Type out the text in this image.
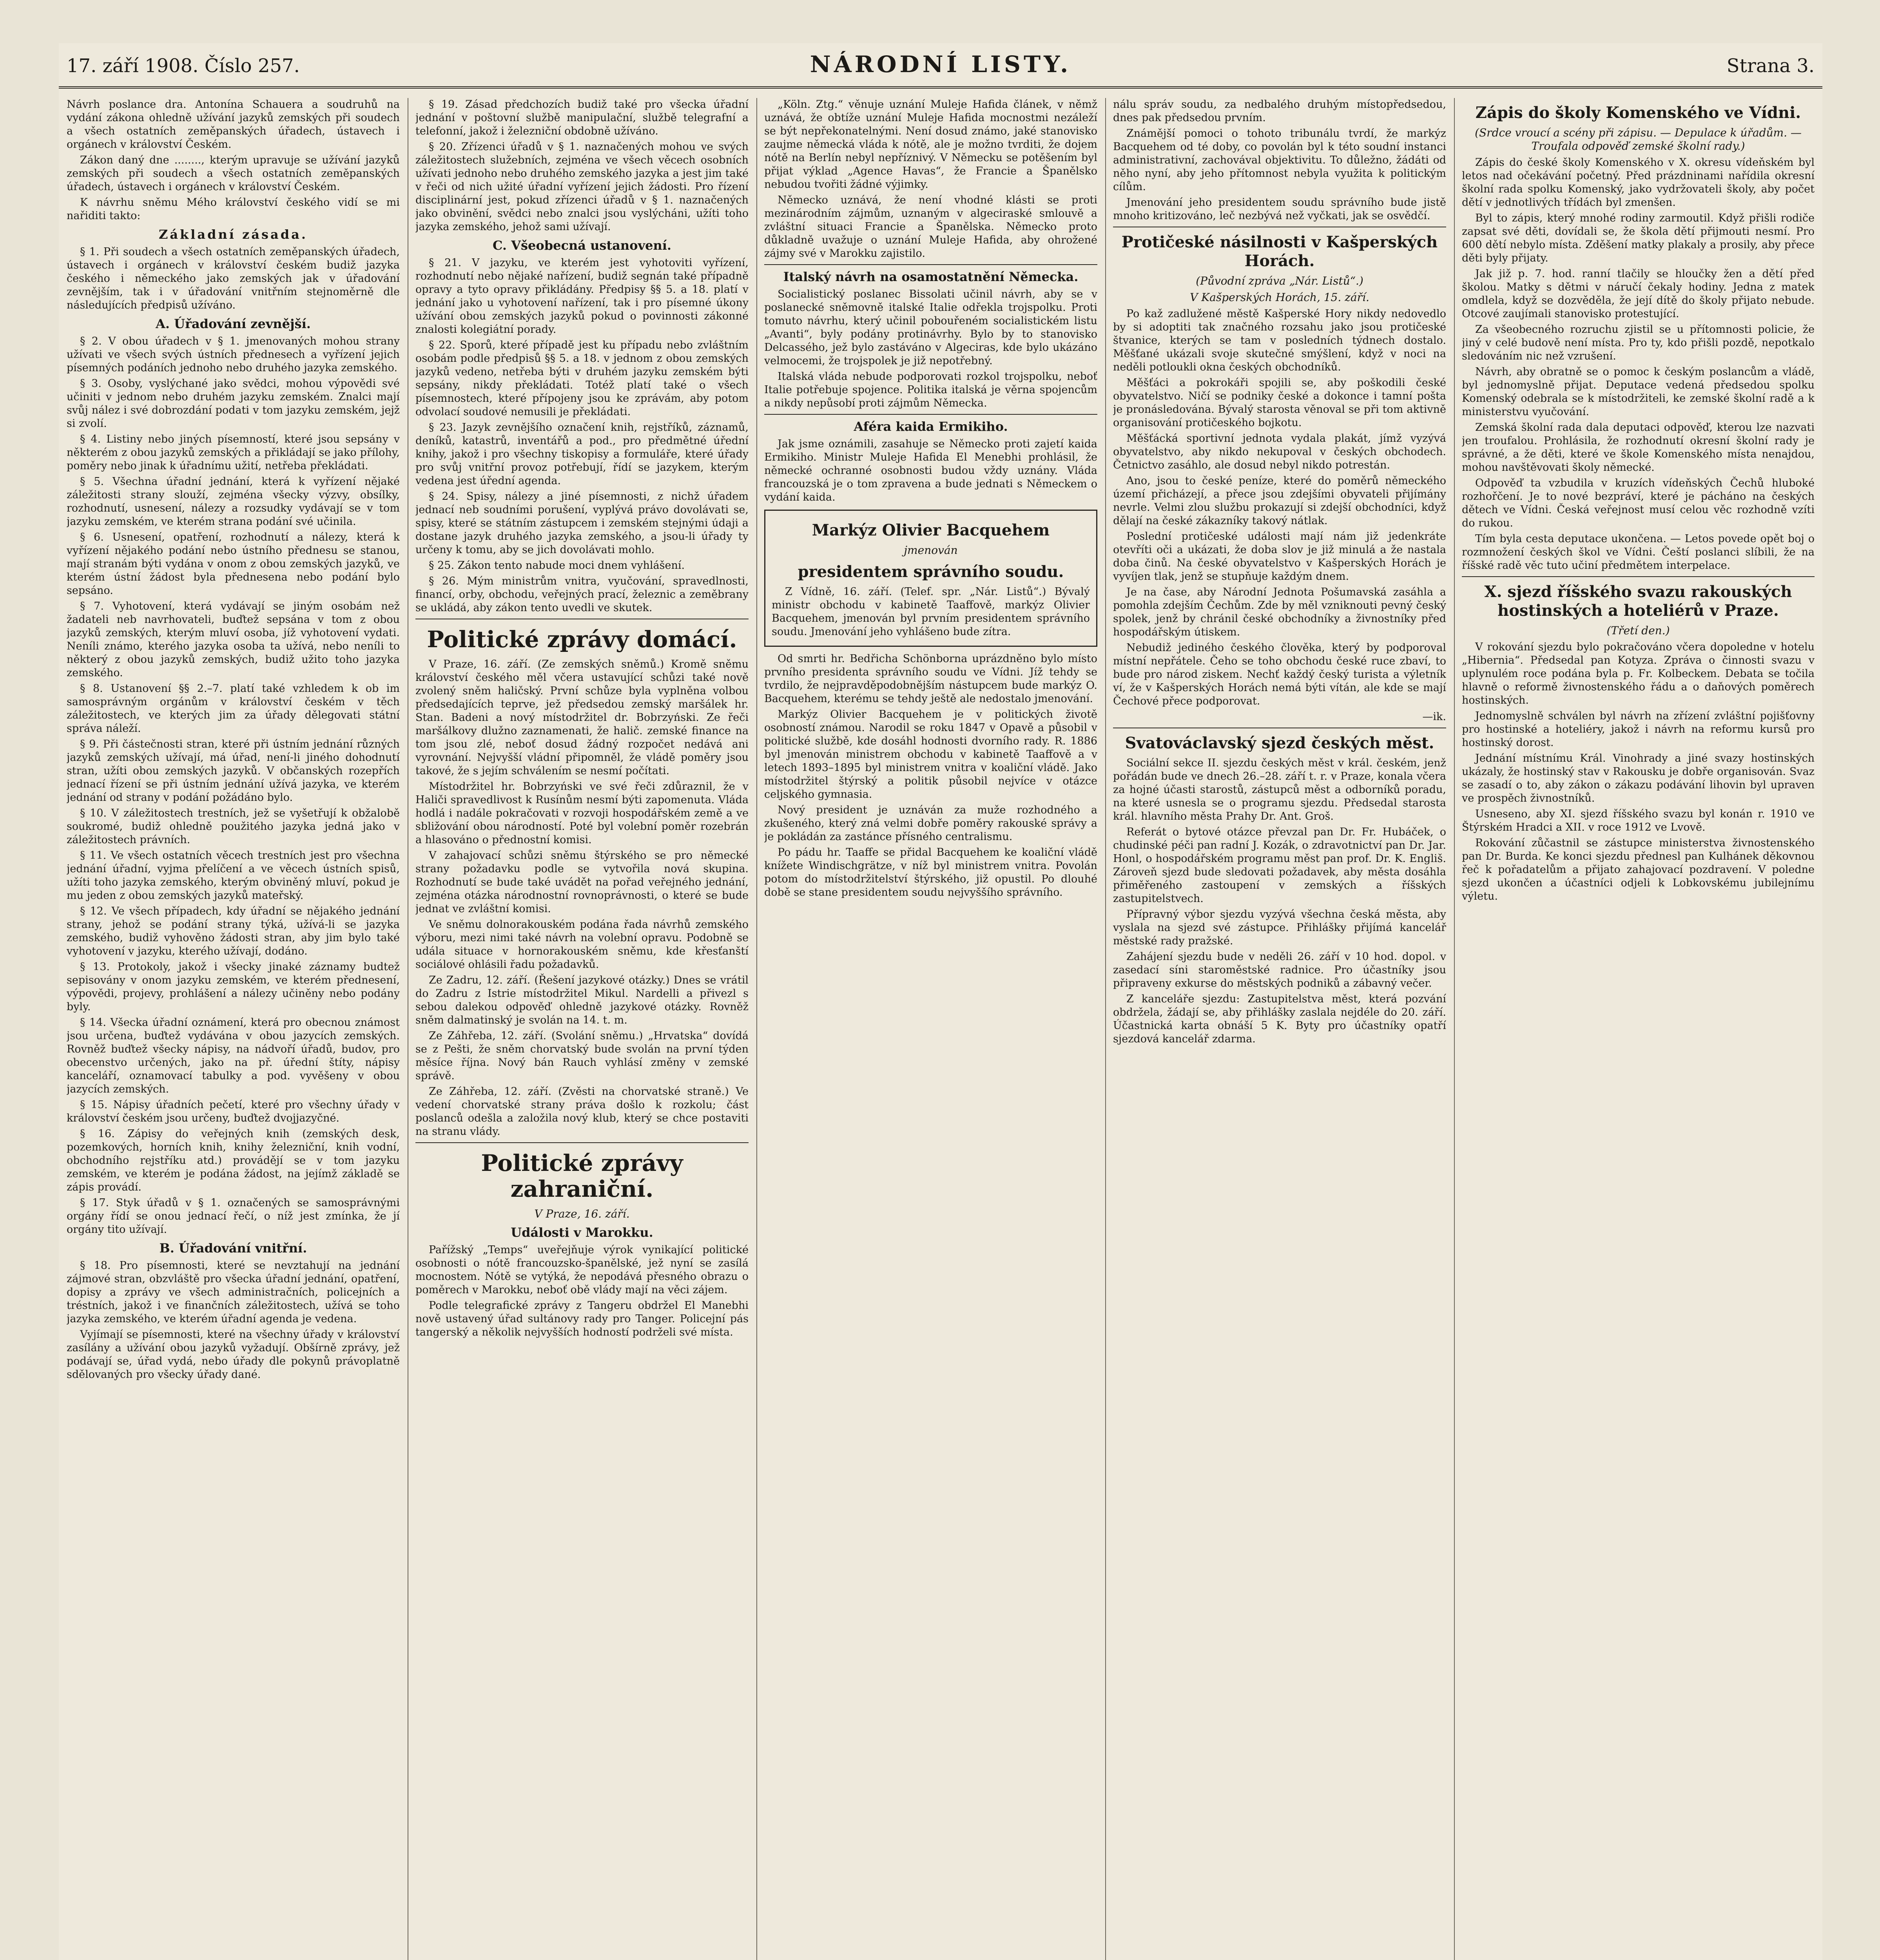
17. září 1908. Číslo 257.	NÁRODNÍ LISTY.	Strana 3.

Návrh poslance dra. Antonína Schauera a soudruhů na vydání zákona ohledně užívání jazyků zemských při soudech a všech ostatních zeměpanských úřadech, ústavech i orgánech v království Českém.

Zákon daný dne ........, kterým upravuje se užívání jazyků zemských při soudech a všech ostatních zeměpanských úřadech, ústavech i orgánech v království Českém.

K návrhu sněmu Mého království českého vidí se mi nařiditi takto:

Základní zásada.

§ 1. Při soudech a všech ostatních zeměpanských úřadech, ústavech i orgánech v království českém budiž jazyka českého i německého jako zemských jak v úřadování zevnějším, tak i v úřadování vnitřním stejnoměrně dle následujících předpisů užíváno.

A. Úřadování zevnější.

§ 2. V obou úřadech v § 1. jmenovaných mohou strany užívati ve všech svých ústních přednesech a vyřízení jejich písemných podáních jednoho nebo druhého jazyka zemského.

§ 3. Osoby, vyslýchané jako svědci, mohou výpovědi své učiniti v jednom nebo druhém jazyku zemském. Znalci mají svůj nález i své dobrozdání podati v tom jazyku zemském, jejž si zvolí.

§ 4. Listiny nebo jiných písemností, které jsou sepsány v některém z obou jazyků zemských a přikládají se jako přílohy, poměry nebo jinak k úřadnímu užití, netřeba překládati.

§ 5. Všechna úřadní jednání, která k vyřízení nějaké záležitosti strany slouží, zejména všecky výzvy, obsílky, rozhodnutí, usnesení, nálezy a rozsudky vydávají se v tom jazyku zemském, ve kterém strana podání své učinila.

§ 6. Usnesení, opatření, rozhodnutí a nálezy, která k vyřízení nějakého podání nebo ústního přednesu se stanou, mají stranám býti vydána v onom z obou zemských jazyků, ve kterém ústní žádost byla přednesena nebo podání bylo sepsáno.

§ 7. Vyhotovení, která vydávají se jiným osobám než žadateli neb navrhovateli, buďtež sepsána v tom z obou jazyků zemských, kterým mluví osoba, jíž vyhotovení vydati. Neníli známo, kterého jazyka osoba ta užívá, nebo neníli to některý z obou jazyků zemských, budiž užito toho jazyka zemského.

§ 8. Ustanovení §§ 2.–7. platí také vzhledem k ob im samosprávným orgánům v království českém v těch záležitostech, ve kterých jim za úřady dělegovati státní správa náleží.

§ 9. Při částečnosti stran, které při ústním jednání různých jazyků zemských užívají, má úřad, není-li jiného dohodnutí stran, užíti obou zemských jazyků. V občanských rozepřích jednací řízení se při ústním jednání užívá jazyka, ve kterém jednání od strany v podání požádáno bylo.

§ 10. V záležitostech trestních, jež se vyšetřují k obžalobě soukromé, budiž ohledně použitého jazyka jedná jako v záležitostech právních.

§ 11. Ve všech ostatních věcech trestních jest pro všechna jednání úřadní, vyjma přelíčení a ve věcech ústních spisů, užíti toho jazyka zemského, kterým obviněný mluví, pokud je mu jeden z obou zemských jazyků mateřský.

§ 12. Ve všech případech, kdy úřadní se nějakého jednání strany, jehož se podání strany týká, užívá-li se jazyka zemského, budiž vyhověno žádosti stran, aby jim bylo také vyhotovení v jazyku, kterého užívají, dodáno.

§ 13. Protokoly, jakož i všecky jinaké záznamy budtež sepisovány v onom jazyku zemském, ve kterém přednesení, výpovědi, projevy, prohlášení a nálezy učiněny nebo podány byly.

§ 14. Všecka úřadní oznámení, která pro obecnou známost jsou určena, buďtež vydávána v obou jazycích zemských. Rovněž buďtež všecky nápisy, na nádvoří úřadů, budov, pro obecenstvo určených, jako na př. úřední štíty, nápisy kanceláří, oznamovací tabulky a pod. vyvěšeny v obou jazycích zemských.

§ 15. Nápisy úřadních pečetí, které pro všechny úřady v království českém jsou určeny, buďtež dvojjazyčné.

§ 16. Zápisy do veřejných knih (zemských desk, pozemkových, horních knih, knihy železniční, knih vodní, obchodního rejstříku atd.) provádějí se v tom jazyku zemském, ve kterém je podána žádost, na jejímž základě se zápis provádí.

§ 17. Styk úřadů v § 1. označených se samosprávnými orgány řídí se onou jednací řečí, o níž jest zmínka, že jí orgány tito užívají.

B. Úřadování vnitřní.

§ 18. Pro písemnosti, které se nevztahují na jednání zájmové stran, obzvláště pro všecka úřadní jednání, opatření, dopisy a zprávy ve všech administračních, policejních a tréstních, jakož i ve finančních záležitostech, užívá se toho jazyka zemského, ve kterém úřadní agenda je vedena.

Vyjímají se písemnosti, které na všechny úřady v království zasílány a užívání obou jazyků vyžadují. Obšírně zprávy, jež podávají se, úřad vydá, nebo úřady dle pokynů právoplatně sdělovaných pro všecky úřady dané.

§ 19. Zásad předchozích budiž také pro všecka úřadní jednání v poštovní službě manipulační, službě telegrafní a telefonní, jakož i železniční obdobně užíváno.

§ 20. Zřízenci úřadů v § 1. naznačených mohou ve svých záležitostech služebních, zejména ve všech věcech osobních užívati jednoho nebo druhého zemského jazyka a jest jim také v řeči od nich užité úřadní vyřízení jejich žádosti. Pro řízení disciplinární jest, pokud zřízenci úřadů v § 1. naznačených jako obvinění, svědci nebo znalci jsou vyslýcháni, užíti toho jazyka zemského, jehož sami užívají.

C. Všeobecná ustanovení.

§ 21. V jazyku, ve kterém jest vyhotoviti vyřízení, rozhodnutí nebo nějaké nařízení, budiž segnán také případně opravy a tyto opravy přikládány. Předpisy §§ 5. a 18. platí v jednání jako u vyhotovení nařízení, tak i pro písemné úkony užívání obou zemských jazyků pokud o povinnosti zákonné znalosti kolegiátní porady.

§ 22. Sporů, které případě jest ku případu nebo zvláštním osobám podle předpisů §§ 5. a 18. v jednom z obou zemských jazyků vedeno, netřeba býti v druhém jazyku zemském býti sepsány, nikdy překládati. Totéž platí také o všech písemnostech, které přípojeny jsou ke zprávám, aby potom odvolací soudové nemusili je překládati.

§ 23. Jazyk zevnějšího označení knih, rejstříků, záznamů, deníků, katastrů, inventářů a pod., pro předmětné úřední knihy, jakož i pro všechny tiskopisy a formuláře, které úřady pro svůj vnitřní provoz potřebují, řídí se jazykem, kterým vedena jest úřední agenda.

§ 24. Spisy, nálezy a jiné písemnosti, z nichž úřadem jednací neb soudními porušení, vyplývá právo dovolávati se, spisy, které se státním zástupcem i zemském stejnými údaji a dostane jazyk druhého jazyka zemského, a jsou-li úřady ty určeny k tomu, aby se jich dovolávati mohlo.

§ 25. Zákon tento nabude moci dnem vyhlášení.

§ 26. Mým ministrům vnitra, vyučování, spravedlnosti, financí, orby, obchodu, veřejných prací, železnic a zeměbrany se ukládá, aby zákon tento uvedli ve skutek.

Politické zprávy domácí.

V Praze, 16. září. (Ze zemských sněmů.) Kromě sněmu království českého měl včera ustavující schůzi také nově zvolený sněm haličský. První schůze byla vyplněna volbou předsedajících teprve, jež předsedou zemský maršálek hr. Stan. Badeni a nový místodržitel dr. Bobrzyński. Ze řeči maršálkovy dlužno zaznamenati, že halič. zemské finance na tom jsou zlé, neboť dosud žádný rozpočet nedává ani vyrovnání. Nejvyšší vládní připomněl, že vládě poměry jsou takové, že s jejím schválením se nesmí počítati.

Místodržitel hr. Bobrzyński ve své řeči zdůraznil, že v Haliči spravedlivost k Rusínům nesmí býti zapomenuta. Vláda hodlá i nadále pokračovati v rozvoji hospodářském země a ve sbližování obou národností. Poté byl volební poměr rozebrán a hlasováno o přednostní komisi.

V zahajovací schůzi sněmu štýrského se pro německé strany požadavku podle se vytvořila nová skupina. Rozhodnutí se bude také uvádět na pořad veřejného jednání, zejména otázka národnostní rovnoprávnosti, o které se bude jednat ve zvláštní komisi.

Ve sněmu dolnorakouském podána řada návrhů zemského výboru, mezi nimi také návrh na volební opravu. Podobně se udála situace v hornorakouském sněmu, kde křesťanští sociálové ohlásili řadu požadavků.

Ze Zadru, 12. září. (Řešení jazykové otázky.) Dnes se vrátil do Zadru z Istrie místodržitel Mikul. Nardelli a přivezl s sebou dalekou odpověď ohledně jazykové otázky. Rovněž sněm dalmatinský je svolán na 14. t. m.

Ze Záhřeba, 12. září. (Svolání sněmu.) „Hrvatska“ dovídá se z Pešti, že sněm chorvatský bude svolán na první týden měsíce října. Nový bán Rauch vyhlásí změny v zemské správě.

Ze Záhřeba, 12. září. (Zvěsti na chorvatské straně.) Ve vedení chorvatské strany práva došlo k rozkolu; část poslanců odešla a založila nový klub, který se chce postaviti na stranu vlády.

Politické zprávy zahraniční.
V Praze, 16. září.
Události v Marokku.

Pařížský „Temps“ uveřejňuje výrok vynikající politické osobnosti o nótě francouzsko-španělské, jež nyní se zasílá mocnostem. Nótě se vytýká, že nepodává přesného obrazu o poměrech v Marokku, neboť obě vlády mají na věci zájem.

Podle telegrafické zprávy z Tangeru obdržel El Manebhi nově ustavený úřad sultánovy rady pro Tanger. Policejní pás tangerský a několik nejvyšších hodností podrželi své místa.

„Köln. Ztg.“ věnuje uznání Muleje Hafida článek, v němž uznává, že obtíže uznání Muleje Hafida mocnostmi nezáleží se být nepřekonatelnými. Není dosud známo, jaké stanovisko zaujme německá vláda k nótě, ale je možno tvrditi, že dojem nótě na Berlín nebyl nepříznivý. V Německu se potěšením byl přijat výklad „Agence Havas“, že Francie a Španělsko nebudou tvořiti žádné výjimky.

Německo uznává, že není vhodné klásti se proti mezinárodním zájmům, uznaným v algeciraské smlouvě a zvláštní situaci Francie a Španělska. Německo proto důkladně uvažuje o uznání Muleje Hafida, aby ohrožené zájmy své v Marokku zajistilo.

Italský návrh na osamostatnění Německa.

Socialistický poslanec Bissolati učinil návrh, aby se v poslanecké sněmovně italské Italie odřekla trojspolku. Proti tomuto návrhu, který učinil pobouřeném socialistickém listu „Avanti“, byly podány protinávrhy. Bylo by to stanovisko Delcassého, jež bylo zastáváno v Algeciras, kde bylo ukázáno velmocemi, že trojspolek je již nepotřebný.

Italská vláda nebude podporovati rozkol trojspolku, neboť Italie potřebuje spojence. Politika italská je věrna spojencům a nikdy nepůsobí proti zájmům Německa.

Aféra kaida Ermikiho.

Jak jsme oznámili, zasahuje se Německo proti zajetí kaida Ermikiho. Ministr Muleje Hafida El Menebhi prohlásil, že německé ochranné osobnosti budou vždy uznány. Vláda francouzská je o tom zpravena a bude jednati s Německem o vydání kaida.

Markýz Olivier Bacquehem
jmenován
presidentem správního soudu.

Z Vídně, 16. září. (Telef. spr. „Nár. Listů“.) Bývalý ministr obchodu v kabinetě Taaffově, markýz Olivier Bacquehem, jmenován byl prvním presidentem správního soudu. Jmenování jeho vyhlášeno bude zítra.

Od smrti hr. Bedřicha Schönborna uprázdněno bylo místo prvního presidenta správního soudu ve Vídni. Jíž tehdy se tvrdilo, že nejpravděpodobnějším nástupcem bude markýz O. Bacquehem, kterému se tehdy ještě ale nedostalo jmenování.

Markýz Olivier Bacquehem je v politických životě osobností známou. Narodil se roku 1847 v Opavě a působil v politické službě, kde dosáhl hodnosti dvorního rady. R. 1886 byl jmenován ministrem obchodu v kabinetě Taaffově a v letech 1893–1895 byl ministrem vnitra v koaliční vládě. Jako místodržitel štýrský a politik působil nejvíce v otázce celjského gymnasia.

Nový president je uznáván za muže rozhodného a zkušeného, který zná velmi dobře poměry rakouské správy a je pokládán za zastánce přísného centralismu.

Po pádu hr. Taaffe se přidal Bacquehem ke koaliční vládě knížete Windischgrätze, v níž byl ministrem vnitra. Povolán potom do místodržitelství štýrského, již opustil. Po dlouhé době se stane presidentem soudu nejvyššího správního.

nálu správ soudu, za nedbalého druhým místopředsedou, dnes pak předsedou prvním.

Známější pomoci o tohoto tribunálu tvrdí, že markýz Bacquehem od té doby, co povolán byl k této soudní instanci administrativní, zachovával objektivitu. To důležno, žádáti od něho nyní, aby jeho přítomnost nebyla využita k politickým cílům.

Jmenování jeho presidentem soudu správního bude jistě mnoho kritizováno, leč nezbývá než vyčkati, jak se osvědčí.

Protičeské násilnosti v Kašperských Horách.
(Původní zpráva „Nár. Listů“.)
V Kašperských Horách, 15. září.

Po kaž zadlužené městě Kašperské Hory nikdy nedovedlo by si adoptiti tak značného rozsahu jako jsou protičeské štvanice, kterých se tam v posledních týdnech dostalo. Měšťané ukázali svoje skutečné smýšlení, když v noci na neděli potloukli okna českých obchodníků.

Měšťáci a pokrokáři spojili se, aby poškodili české obyvatelstvo. Ničí se podniky české a dokonce i tamní pošta je pronásledována. Bývalý starosta věnoval se při tom aktivně organisování protičeského bojkotu.

Měšťácká sportivní jednota vydala plakát, jímž vyzývá obyvatelstvo, aby nikdo nekupoval v českých obchodech. Četnictvo zasáhlo, ale dosud nebyl nikdo potrestán.

Ano, jsou to české peníze, které do poměrů německého území přicházejí, a přece jsou zdejšími obyvateli přijímány nevrle. Velmi zlou službu prokazují si zdejší obchodníci, když dělají na české zákazníky takový nátlak.

Poslední protičeské události mají nám již jedenkráte otevříti oči a ukázati, že doba slov je již minulá a že nastala doba činů. Na české obyvatelstvo v Kašperských Horách je vyvíjen tlak, jenž se stupňuje každým dnem.

Je na čase, aby Národní Jednota Pošumavská zasáhla a pomohla zdejším Čechům. Zde by měl vzniknouti pevný český spolek, jenž by chránil české obchodníky a živnostníky před hospodářským útiskem.

Nebudiž jediného českého člověka, který by podporoval místní nepřátele. Čeho se toho obchodu české ruce zbaví, to bude pro národ ziskem. Nechť každý český turista a výletník ví, že v Kašperských Horách nemá býti vítán, ale kde se mají Čechové přece podporovat.

—ik.
Svatováclavský sjezd českých měst.

Sociální sekce II. sjezdu českých měst v král. českém, jenž pořádán bude ve dnech 26.–28. září t. r. v Praze, konala včera za hojné účasti starostů, zástupců měst a odborníků poradu, na které usnesla se o programu sjezdu. Předsedal starosta král. hlavního města Prahy Dr. Ant. Groš.

Referát o bytové otázce převzal pan Dr. Fr. Hubáček, o chudinské péči pan radní J. Kozák, o zdravotnictví pan Dr. Jar. Honl, o hospodářském programu měst pan prof. Dr. K. Engliš. Zároveň sjezd bude sledovati požadavek, aby města dosáhla přiměřeného zastoupení v zemských a říšských zastupitelstvech.

Přípravný výbor sjezdu vyzývá všechna česká města, aby vyslala na sjezd své zástupce. Přihlášky přijímá kancelář městské rady pražské.

Zahájení sjezdu bude v neděli 26. září v 10 hod. dopol. v zasedací síni staroměstské radnice. Pro účastníky jsou připraveny exkurse do městských podniků a zábavný večer.

Z kanceláře sjezdu: Zastupitelstva měst, která pozvání obdržela, žádají se, aby přihlášky zaslala nejdéle do 20. září. Účastnická karta obnáší 5 K. Byty pro účastníky opatří sjezdová kancelář zdarma.

Zápis do školy Komenského ve Vídni.
(Srdce vroucí a scény při zápisu. — Depulace k úřadům. — Troufala odpověď zemské školní rady.)

Zápis do české školy Komenského v X. okresu vídeňském byl letos nad očekávání početný. Před prázdninami nařídila okresní školní rada spolku Komenský, jako vydržovateli školy, aby počet dětí v jednotlivých třídách byl zmenšen.

Byl to zápis, který mnohé rodiny zarmoutil. Když přišli rodiče zapsat své děti, dovídali se, že škola dětí přijmouti nesmí. Pro 600 dětí nebylo místa. Zděšení matky plakaly a prosily, aby přece děti byly přijaty.

Jak již p. 7. hod. ranní tlačily se hloučky žen a dětí před školou. Matky s dětmi v náručí čekaly hodiny. Jedna z matek omdlela, když se dozvěděla, že její dítě do školy přijato nebude. Otcové zaujímali stanovisko protestující.

Za všeobecného rozruchu zjistil se u přítomnosti policie, že jiný v celé budově není místa. Pro ty, kdo přišli pozdě, nepotkalo sledováním nic než vzrušení.

Návrh, aby obratně se o pomoc k českým poslancům a vládě, byl jednomyslně přijat. Deputace vedená předsedou spolku Komenský odebrala se k místodržiteli, ke zemské školní radě a k ministerstvu vyučování.

Zemská školní rada dala deputaci odpověď, kterou lze nazvati jen troufalou. Prohlásila, že rozhodnutí okresní školní rady je správné, a že děti, které ve škole Komenského místa nenajdou, mohou navštěvovati školy německé.

Odpověď ta vzbudila v kruzích vídeňských Čechů hluboké rozhořčení. Je to nové bezpráví, které je pácháno na českých dětech ve Vídni. Česká veřejnost musí celou věc rozhodně vzíti do rukou.

Tím byla cesta deputace ukončena. — Letos povede opět boj o rozmnožení českých škol ve Vídni. Čeští poslanci slíbili, že na říšské radě věc tuto učiní předmětem interpelace.

X. sjezd říšského svazu rakouských hostinských a hoteliérů v Praze.
(Třetí den.)

V rokování sjezdu bylo pokračováno včera dopoledne v hotelu „Hibernia“. Předsedal pan Kotyza. Zpráva o činnosti svazu v uplynulém roce podána byla p. Fr. Kolbeckem. Debata se točila hlavně o reformě živnostenského řádu a o daňových poměrech hostinských.

Jednomyslně schválen byl návrh na zřízení zvláštní pojišťovny pro hostinské a hoteliéry, jakož i návrh na reformu kursů pro hostinský dorost.

Jednání místnímu Král. Vinohrady a jiné svazy hostinských ukázaly, že hostinský stav v Rakousku je dobře organisován. Svaz se zasadí o to, aby zákon o zákazu podávání lihovin byl upraven ve prospěch živnostníků.

Usneseno, aby XI. sjezd říšského svazu byl konán r. 1910 ve Štýrském Hradci a XII. v roce 1912 ve Lvově.

Rokování zůčastnil se zástupce ministerstva živnostenského pan Dr. Burda. Ke konci sjezdu přednesl pan Kulhánek děkovnou řeč k pořadatelům a přijato zahajovací pozdravení. V poledne sjezd ukončen a účastníci odjeli k Lobkovskému jubilejnímu výletu.
